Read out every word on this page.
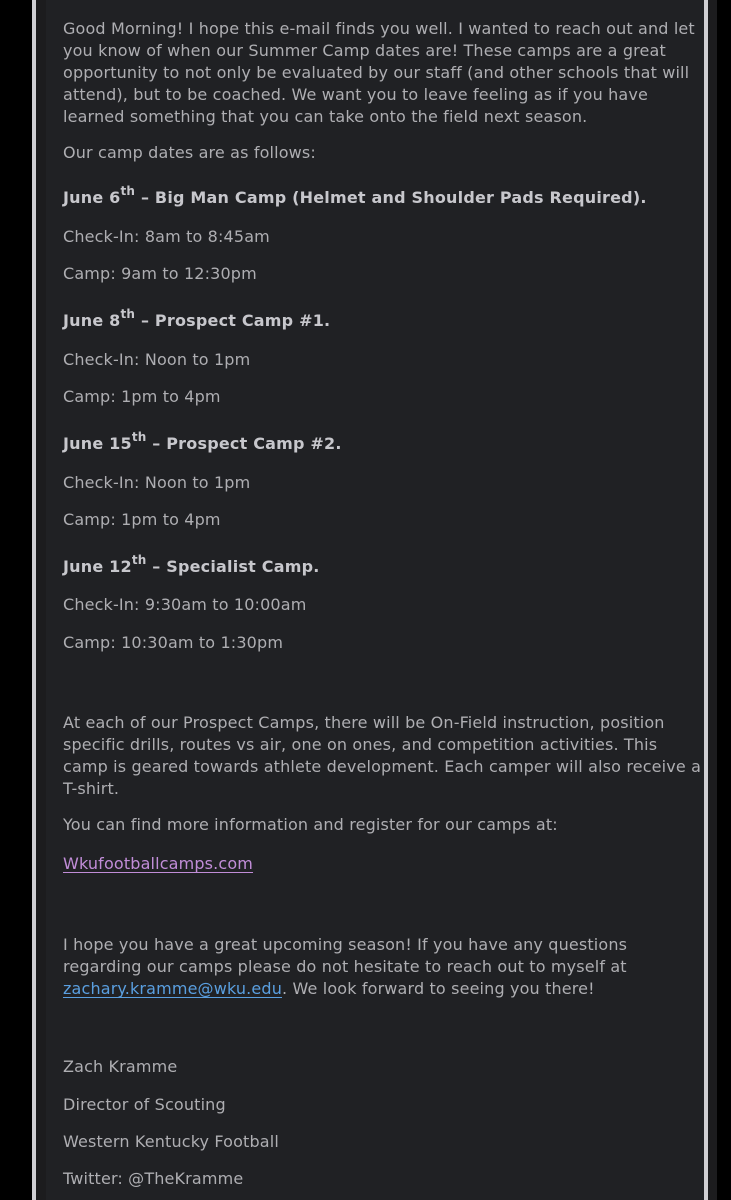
Good Morning! I hope this e-mail finds you well. I wanted to reach out and let
you know of when our Summer Camp dates are! These camps are a great
opportunity to not only be evaluated by our staff (and other schools that will
attend), but to be coached. We want you to leave feeling as if you have
learned something that you can take onto the field next season.
Our camp dates are as follows:
June 6th – Big Man Camp (Helmet and Shoulder Pads Required).
Check-In: 8am to 8:45am
Camp: 9am to 12:30pm
June 8th – Prospect Camp #1.
Check-In: Noon to 1pm
Camp: 1pm to 4pm
June 15th – Prospect Camp #2.
Check-In: Noon to 1pm
Camp: 1pm to 4pm
June 12th – Specialist Camp.
Check-In: 9:30am to 10:00am
Camp: 10:30am to 1:30pm
At each of our Prospect Camps, there will be On-Field instruction, position
specific drills, routes vs air, one on ones, and competition activities. This
camp is geared towards athlete development. Each camper will also receive a
T-shirt.
You can find more information and register for our camps at:
Wkufootballcamps.com
I hope you have a great upcoming season! If you have any questions
regarding our camps please do not hesitate to reach out to myself at
zachary.kramme@wku.edu. We look forward to seeing you there!
Zach Kramme
Director of Scouting
Western Kentucky Football
Twitter: @TheKramme
